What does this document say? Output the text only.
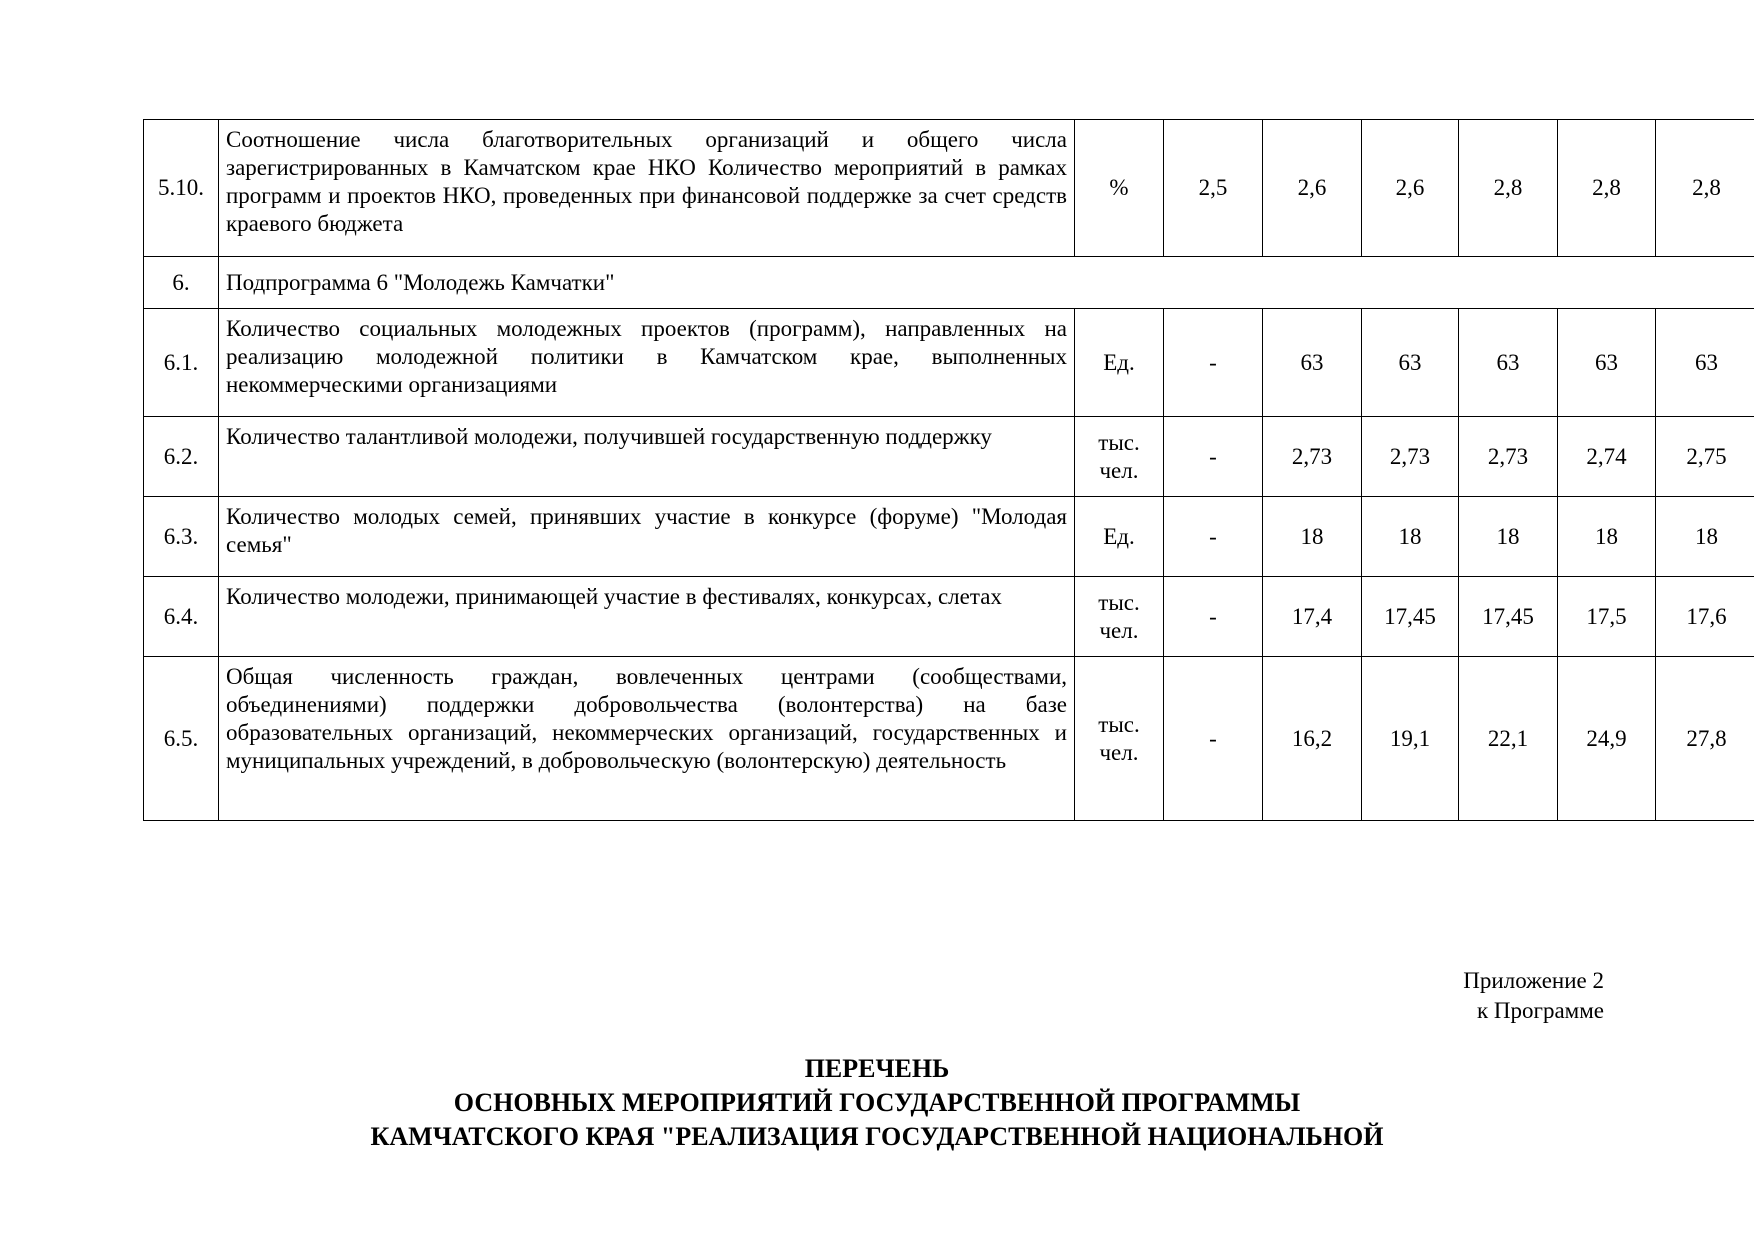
5.10.	Соотношение числа благотворительных организаций и общего числа зарегистрированных в Камчатском крае НКО Количество мероприятий в рамках программ и проектов НКО, проведенных при финансовой поддержке за счет средств краевого бюджета	%	2,5	2,6	2,6	2,8	2,8	2,8
6.	Подпрограмма 6 "Молодежь Камчатки"							
6.1.	Количество социальных молодежных проектов (программ), направленных на реализацию молодежной политики в Камчатском крае, выполненных некоммерческими организациями	Ед.	-	63	63	63	63	63
6.2.	Количество талантливой молодежи, получившей государственную поддержку	тыс. чел.	-	2,73	2,73	2,73	2,74	2,75
6.3.	Количество молодых семей, принявших участие в конкурсе (форуме) "Молодая семья"	Ед.	-	18	18	18	18	18
6.4.	Количество молодежи, принимающей участие в фестивалях, конкурсах, слетах	тыс. чел.	-	17,4	17,45	17,45	17,5	17,6
6.5.	Общая численность граждан, вовлеченных центрами (сообществами, объединениями) поддержки добровольчества (волонтерства) на базе образовательных организаций, некоммерческих организаций, государственных и муниципальных учреждений, в добровольческую (волонтерскую) деятельность	тыс. чел.	-	16,2	19,1	22,1	24,9	27,8
Приложение 2
к Программе
ПЕРЕЧЕНЬ
ОСНОВНЫХ МЕРОПРИЯТИЙ ГОСУДАРСТВЕННОЙ ПРОГРАММЫ
КАМЧАТСКОГО КРАЯ "РЕАЛИЗАЦИЯ ГОСУДАРСТВЕННОЙ НАЦИОНАЛЬНОЙ
